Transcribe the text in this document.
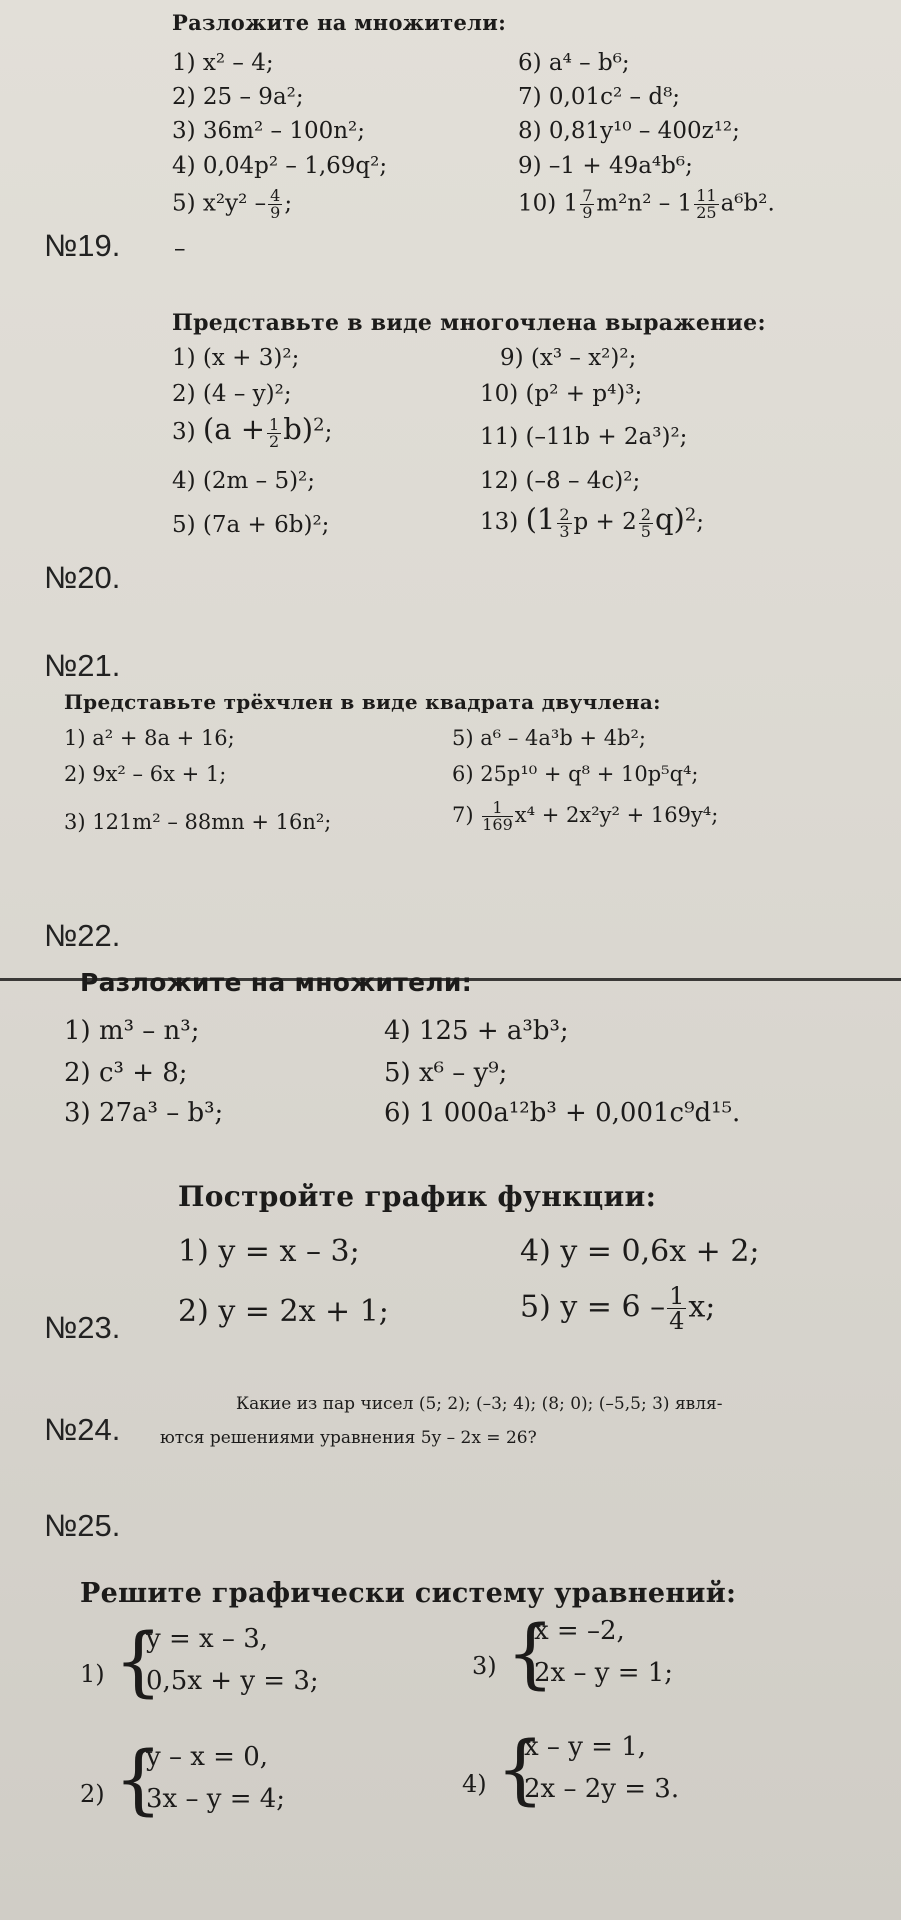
Разложите на множители:
1) x² – 4;
2) 25 – 9a²;
3) 36m² – 100n²;
4) 0,04p² – 1,69q²;
5) $x^2y^2 - \frac{4}{9}$ ;
6) a⁴ – b⁶;
7) 0,01c² – d⁸;
8) 0,81y¹⁰ – 400z¹²;
9) –1 + 49a⁴b⁶;
10) $1 \frac{7}{9} m^2n^2 - 1 \frac{11}{25} a^6b^2$.
№19. –
Представьте в виде многочлена выражение:
1) (x + 3)²;
2) (4 – y)²;
3) $(a + \frac{1}{2} b)^2$;
4) (2m – 5)²;
5) (7a + 6b)²;
9) (x³ – x²)²;
10) (p² + p⁴)³;
11) (–11b + 2a³)²;
12) (–8 – 4c)²;
13) ($1 \frac{2}{3}$ $p + 2 \frac{2}{5} q)^2$;
№20.
№21.
Представьте трёхчлен в виде квадрата двучлена:
1) a² + 8a + 16;
2) 9x² – 6x + 1;
3) 121m² – 88mn + 16n²;
5) a⁶ – 4a³b + 4b²;
6) 25p¹⁰ + q⁸ + 10p⁵q⁴;
$7) \frac{1}{169} x^4 + 2x^2y^2 + 169y^4$;
№22.
Разложите на множители:
1) m³ – n³;
2) c³ + 8;
3) 27a³ – b³;
4) 125 + a³b³;
5) x⁶ – y⁹;
6) 1 000a¹²b³ + 0,001c⁹d¹⁵.
Постройте график функции:
1) y = x – 3;
2) y = 2x + 1;
4) y = 0,6x + 2;
5) $y = 6 - \frac{1}{4} x$;
№23.
Какие из пар чисел (5; 2); (–3; 4); (8; 0); (–5,5; 3) явля-
ются решениями уравнения 5y – 2x = 26?
№24.
№25.
Решите графически систему уравнений:
1) {
y = x – 3,
0,5x + y = 3;	3) {
x = –2,
2x – y = 1;
2) {
y – x = 0,
3x – y = 4;	4) {
x – y = 1,
2x – 2y = 3.
